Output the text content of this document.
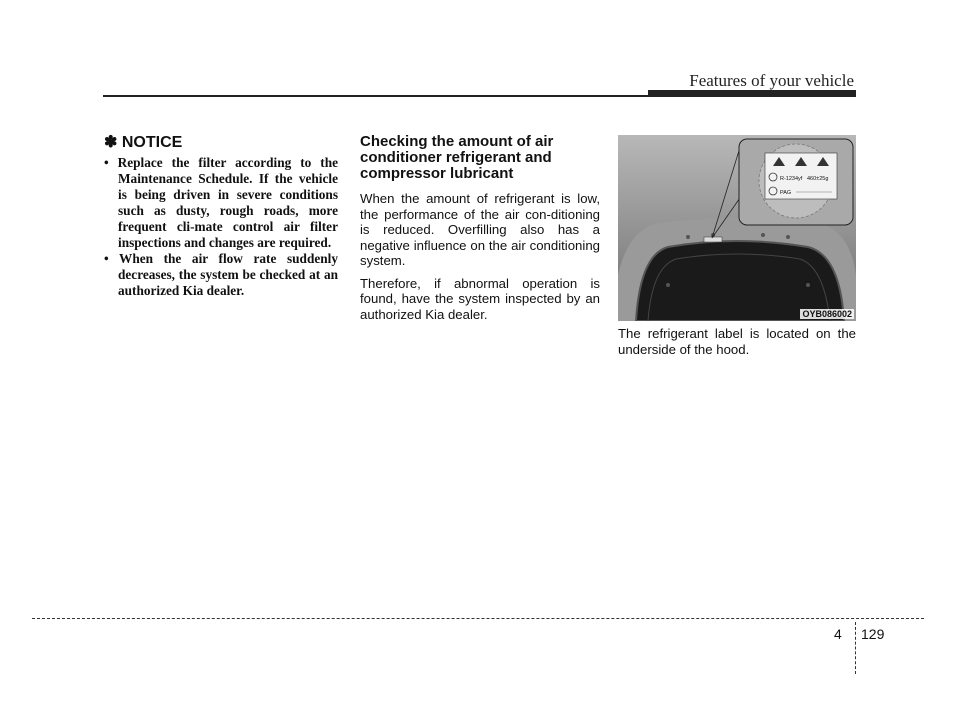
Features of your vehicle
✽ NOTICE
• Replace the filter according to the Maintenance Schedule. If the vehicle is being driven in severe conditions such as dusty, rough roads, more frequent cli-mate control air filter inspections and changes are required.
• When the air flow rate suddenly decreases, the system be checked at an authorized Kia dealer.
Checking the amount of air conditioner refrigerant and compressor lubricant

When the amount of refrigerant is low, the performance of the air con-ditioning is reduced. Overfilling also has a negative influence on the air conditioning system.

Therefore, if abnormal operation is found, have the system inspected by an authorized Kia dealer.

R-1234yf 460±25g
PAG
OYB086002

The refrigerant label is located on the underside of the hood.

4 129
